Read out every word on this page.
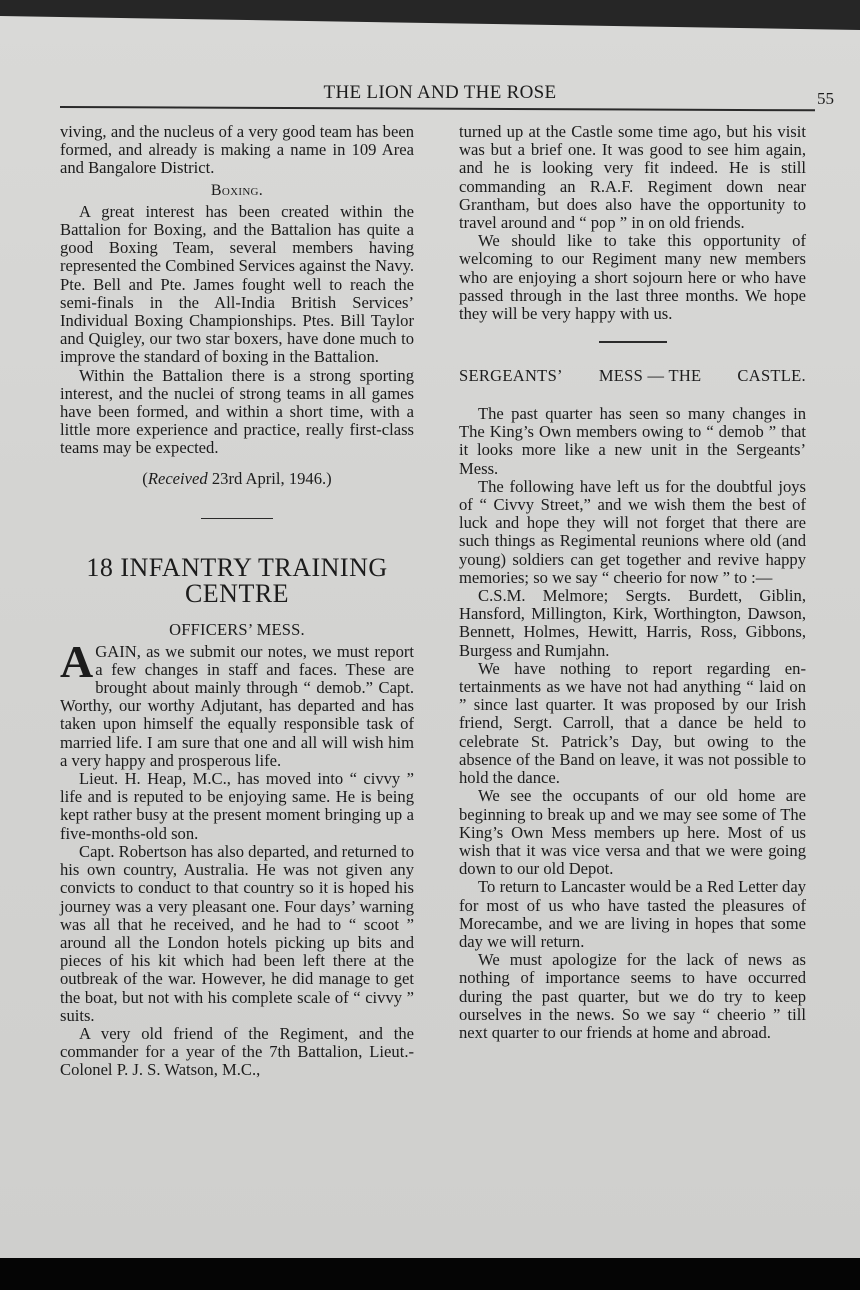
THE LION AND THE ROSE	55

viving, and the nucleus of a very good team has been formed, and already is making a name in 109 Area and Bangalore District.

Boxing.

A great interest has been created within the Battalion for Boxing, and the Battalion has quite a good Boxing Team, several members having represented the Combined Services against the Navy. Pte. Bell and Pte. James fought well to reach the semi-finals in the All-India British Services’ Individual Boxing Championships. Ptes. Bill Taylor and Quigley, our two star boxers, have done much to improve the standard of boxing in the Battalion.

Within the Battalion there is a strong sporting interest, and the nuclei of strong teams in all games have been formed, and within a short time, with a little more experience and practice, really first-class teams may be expected.

(Received 23rd April, 1946.)
18 INFANTRY TRAINING
CENTRE
OFFICERS’ MESS.

AGAIN, as we submit our notes, we must report a few changes in staff and faces. These are brought about mainly through “ demob.” Capt. Worthy, our worthy Adjutant, has departed and has taken upon himself the equally responsible task of married life. I am sure that one and all will wish him a very happy and prosperous life.

Lieut. H. Heap, M.C., has moved into “ civvy ” life and is reputed to be enjoying same. He is being kept rather busy at the present moment bringing up a five-months-old son.

Capt. Robertson has also departed, and returned to his own country, Australia. He was not given any convicts to conduct to that country so it is hoped his journey was a very pleasant one. Four days’ warning was all that he received, and he had to “ scoot ” around all the London hotels picking up bits and pieces of his kit which had been left there at the outbreak of the war. However, he did manage to get the boat, but not with his complete scale of “ civvy ” suits.

A very old friend of the Regiment, and the commander for a year of the 7th Battalion, Lieut.-Colonel P. J. S. Watson, M.C.,

turned up at the Castle some time ago, but his visit was but a brief one. It was good to see him again, and he is looking very fit indeed. He is still commanding an R.A.F. Regiment down near Grantham, but does also have the opportunity to travel around and “ pop ” in on old friends.

We should like to take this opportunity of welcoming to our Regiment many new members who are enjoying a short sojourn here or who have passed through in the last three months. We hope they will be very happy with us.

SERGEANTS’ MESS — THE CASTLE.

The past quarter has seen so many changes in The King’s Own members owing to “ demob ” that it looks more like a new unit in the Sergeants’ Mess.

The following have left us for the doubtful joys of “ Civvy Street,” and we wish them the best of luck and hope they will not forget that there are such things as Regimental reunions where old (and young) soldiers can get together and revive happy memories; so we say “ cheerio for now ” to :—

C.S.M. Melmore; Sergts. Burdett, Giblin, Hansford, Millington, Kirk, Worthington, Dawson, Bennett, Holmes, Hewitt, Harris, Ross, Gibbons, Burgess and Rumjahn.

We have nothing to report regarding entertainments as we have not had anything “ laid on ” since last quarter. It was proposed by our Irish friend, Sergt. Carroll, that a dance be held to celebrate St. Patrick’s Day, but owing to the absence of the Band on leave, it was not possible to hold the dance.

We see the occupants of our old home are beginning to break up and we may see some of The King’s Own Mess members up here. Most of us wish that it was vice versa and that we were going down to our old Depot.

To return to Lancaster would be a Red Letter day for most of us who have tasted the pleasures of Morecambe, and we are living in hopes that some day we will return.

We must apologize for the lack of news as nothing of importance seems to have occurred during the past quarter, but we do try to keep ourselves in the news. So we say “ cheerio ” till next quarter to our friends at home and abroad.
